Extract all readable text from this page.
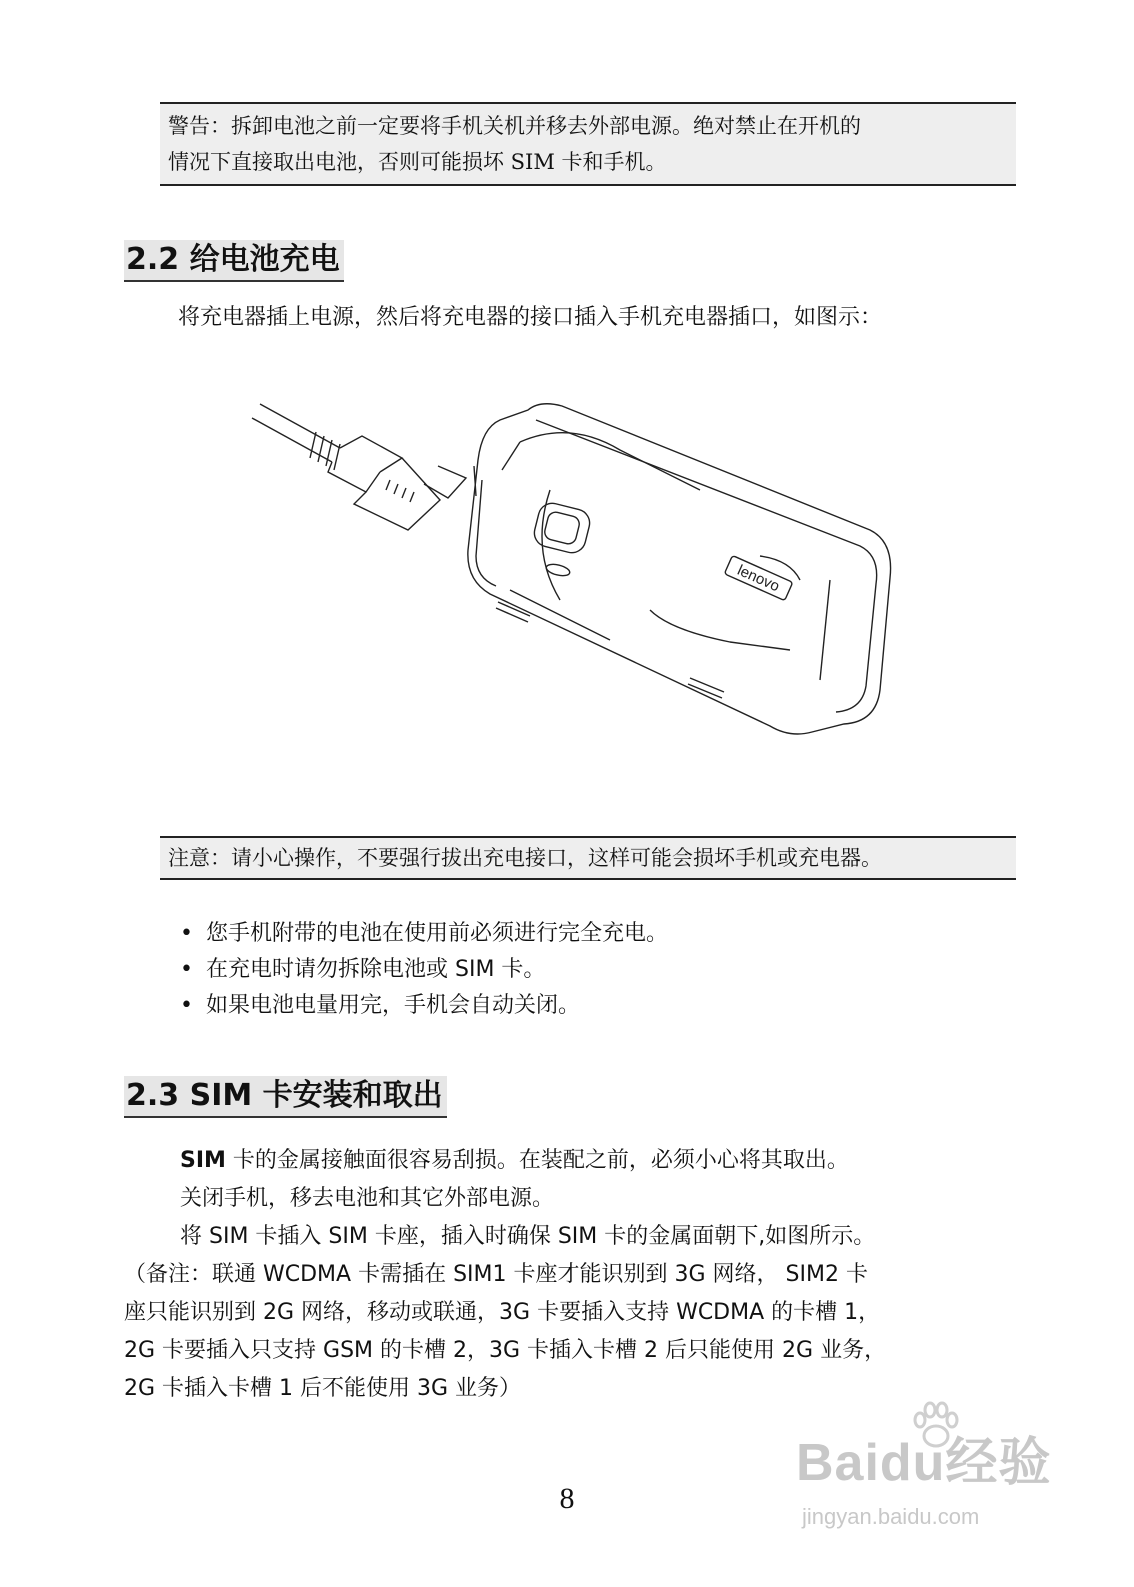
警告：拆卸电池之前一定要将手机关机并移去外部电源。绝对禁止在开机的

情况下直接取出电池，否则可能损坏 SIM 卡和手机。

2.2 给电池充电

将充电器插上电源，然后将充电器的接口插入手机充电器插口，如图示：

lenovo

注意：请小心操作，不要强行拔出充电接口，这样可能会损坏手机或充电器。

• 您手机附带的电池在使用前必须进行完全充电。
• 在充电时请勿拆除电池或 SIM 卡。
• 如果电池电量用完，手机会自动关闭。
2.3 SIM 卡安装和取出

SIM 卡的金属接触面很容易刮损。在装配之前，必须小心将其取出。

关闭手机，移去电池和其它外部电源。

将 SIM 卡插入 SIM 卡座，插入时确保 SIM 卡的金属面朝下,如图所示。

（备注：联通 WCDMA 卡需插在 SIM1 卡座才能识别到 3G 网络， SIM2 卡

座只能识别到 2G 网络，移动或联通，3G 卡要插入支持 WCDMA 的卡槽 1，

2G 卡要插入只支持 GSM 的卡槽 2，3G 卡插入卡槽 2 后只能使用 2G 业务，

2G 卡插入卡槽 1 后不能使用 3G 业务）

Baidu经验
jingyan.baidu.com
8
